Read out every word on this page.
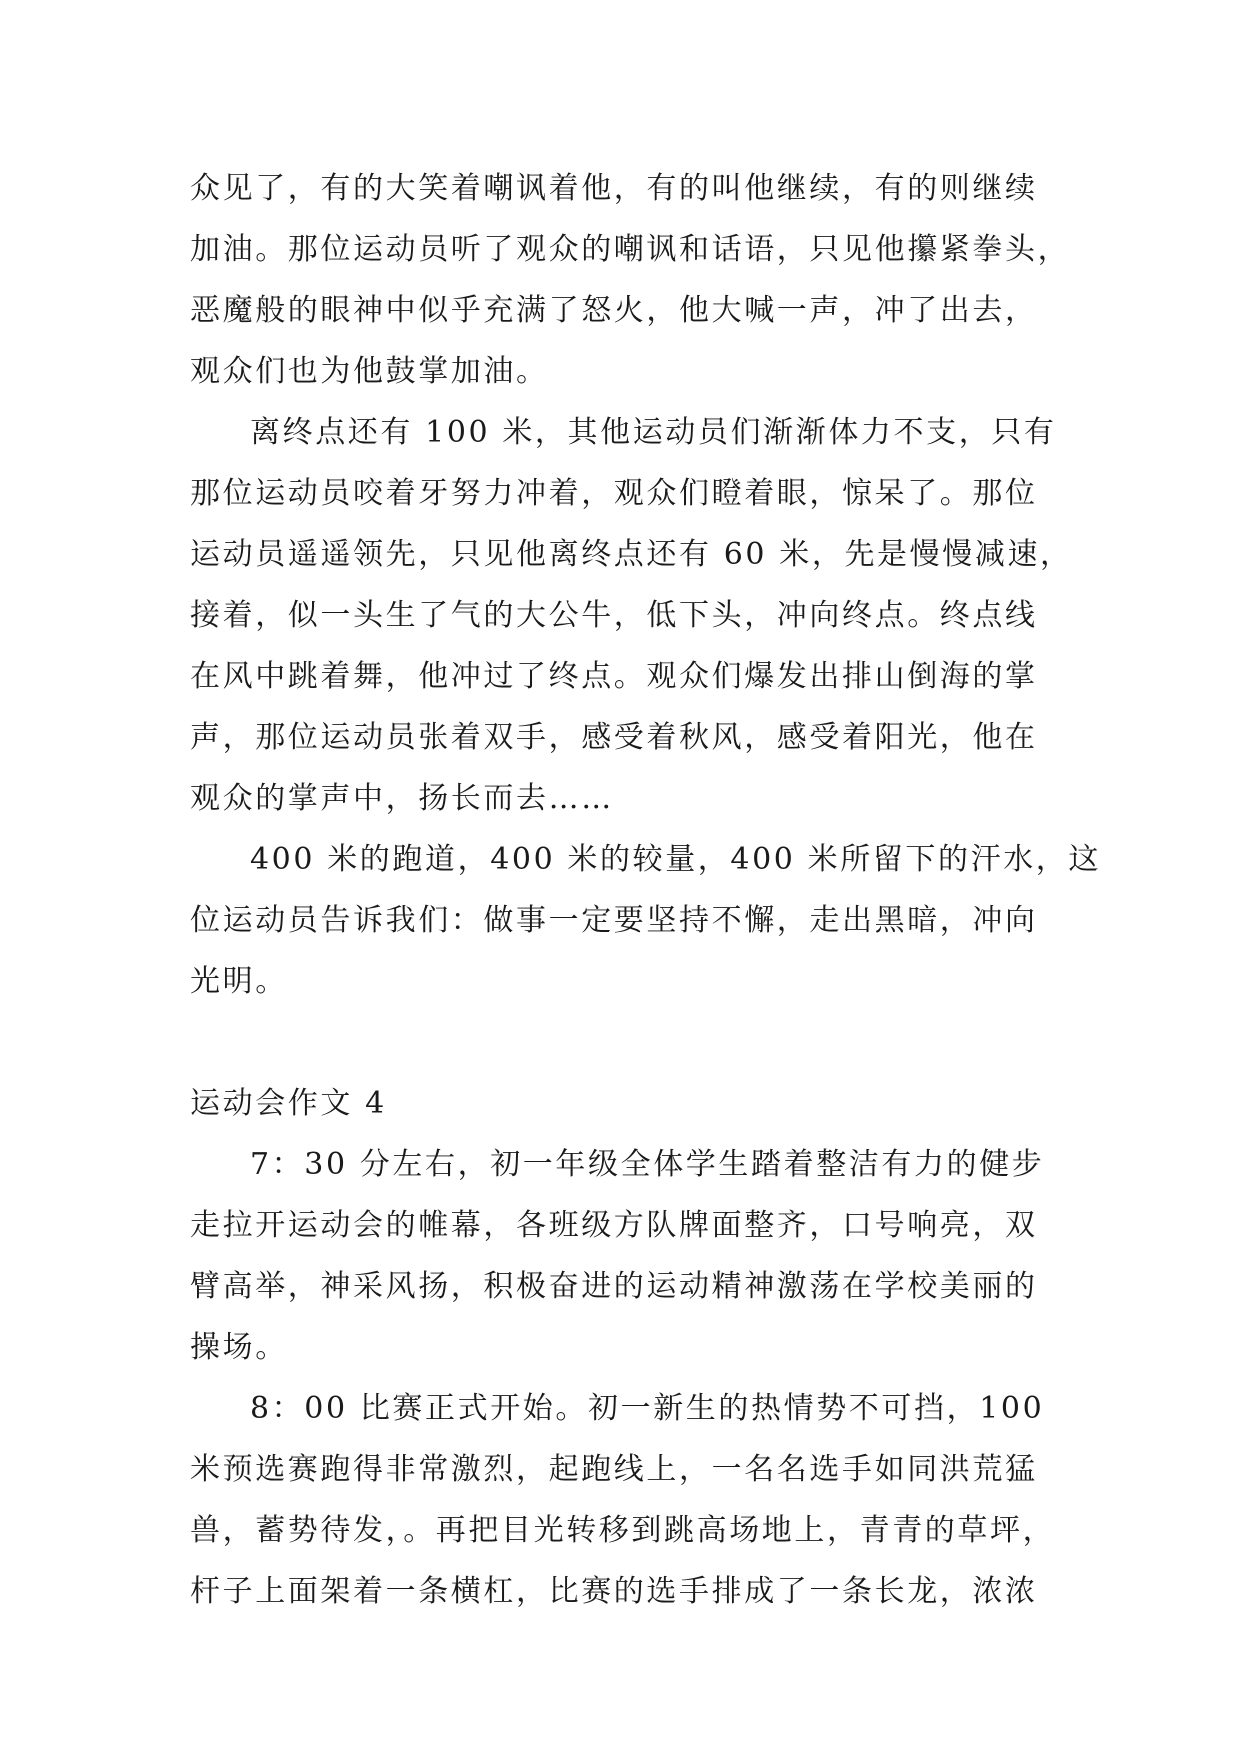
众见了，有的大笑着嘲讽着他，有的叫他继续，有的则继续
加油。那位运动员听了观众的嘲讽和话语，只见他攥紧拳头，
恶魔般的眼神中似乎充满了怒火，他大喊一声，冲了出去，
观众们也为他鼓掌加油。
离终点还有 100 米，其他运动员们渐渐体力不支，只有
那位运动员咬着牙努力冲着，观众们瞪着眼，惊呆了。那位
运动员遥遥领先，只见他离终点还有 60 米，先是慢慢减速，
接着，似一头生了气的大公牛，低下头，冲向终点。终点线
在风中跳着舞，他冲过了终点。观众们爆发出排山倒海的掌
声，那位运动员张着双手，感受着秋风，感受着阳光，他在
观众的掌声中，扬长而去……
400 米的跑道，400 米的较量，400 米所留下的汗水，这
位运动员告诉我们：做事一定要坚持不懈，走出黑暗，冲向
光明。
运动会作文 4
7：30 分左右，初一年级全体学生踏着整洁有力的健步
走拉开运动会的帷幕，各班级方队牌面整齐，口号响亮，双
臂高举，神采风扬，积极奋进的运动精神激荡在学校美丽的
操场。
8：00 比赛正式开始。初一新生的热情势不可挡，100
米预选赛跑得非常激烈，起跑线上，一名名选手如同洪荒猛
兽，蓄势待发，。再把目光转移到跳高场地上，青青的草坪，
杆子上面架着一条横杠，比赛的选手排成了一条长龙，浓浓
